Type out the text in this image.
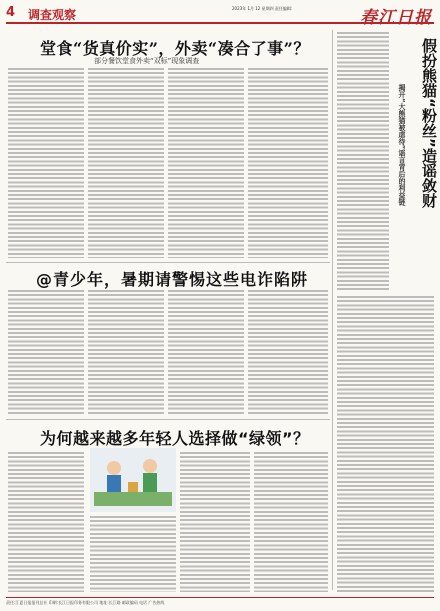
4 调查观察	2023年 1月 12 星期四 责任编辑:	春江日报
堂食“货真价实”，外卖“凑合了事”？
部分餐饮堂食外卖“双标”现象调查
@青少年，暑期请警惕这些电诈陷阱
为何越来越多年轻人选择做“绿领”？
假扮熊猫“粉丝”造谣敛财
揭开“大熊猫被虐待”谣言背后的利益链
责任:江夏日报报刊总社 印刷:长江日报印务有限公司 地址:长江路 邮政编码 电话 广告热线
